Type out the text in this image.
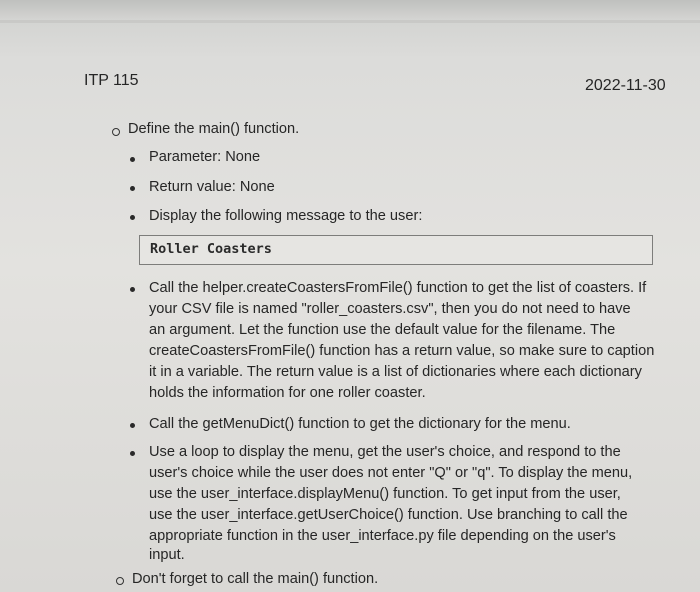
ITP 115	2022-11-30
Define the main() function.
Parameter: None
Return value: None
Display the following message to the user:
Roller Coasters
Call the helper.createCoastersFromFile() function to get the list of coasters. If
your CSV file is named "roller_coasters.csv", then you do not need to have
an argument. Let the function use the default value for the filename. The
createCoastersFromFile() function has a return value, so make sure to caption
it in a variable. The return value is a list of dictionaries where each dictionary
holds the information for one roller coaster.
Call the getMenuDict() function to get the dictionary for the menu.
Use a loop to display the menu, get the user's choice, and respond to the
user's choice while the user does not enter "Q" or "q". To display the menu,
use the user_interface.displayMenu() function. To get input from the user,
use the user_interface.getUserChoice() function. Use branching to call the
appropriate function in the user_interface.py file depending on the user's
input.
Don't forget to call the main() function.
